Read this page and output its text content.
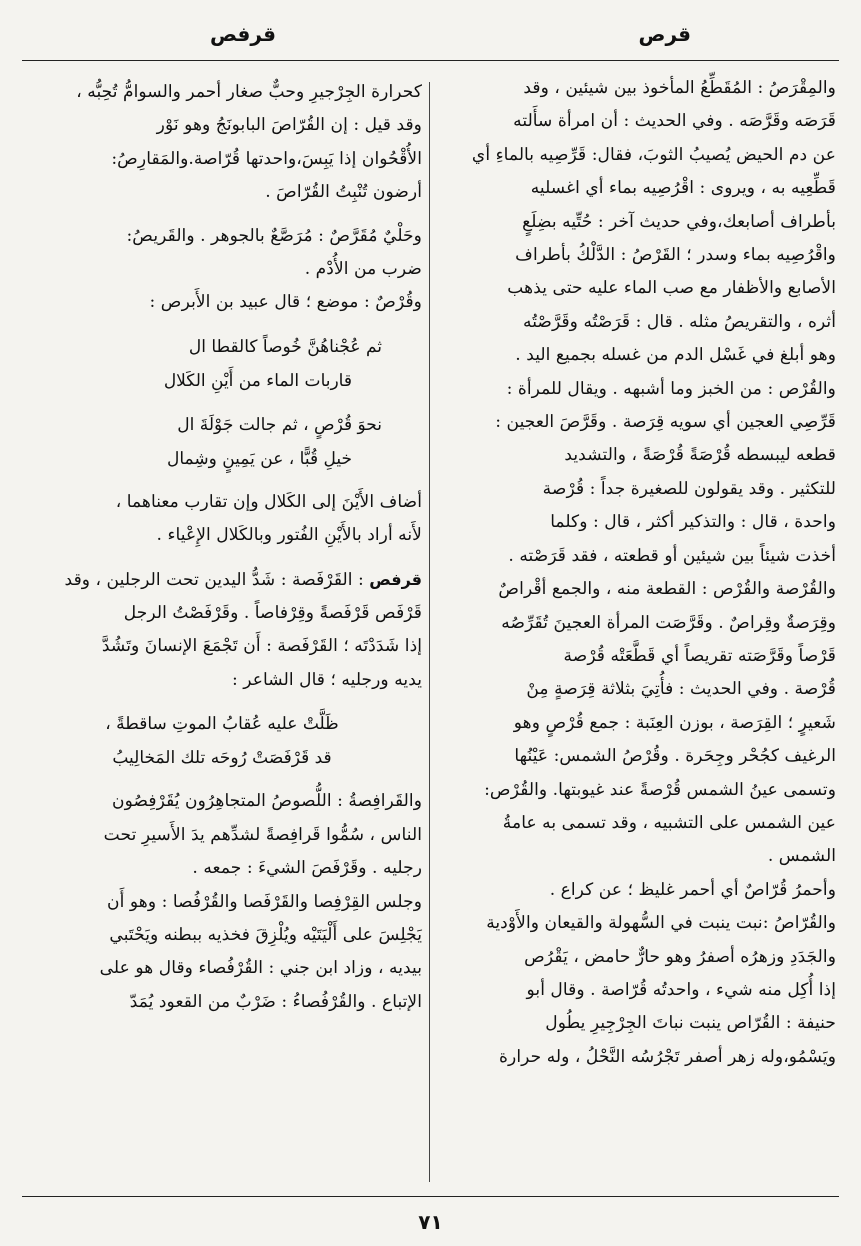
قرص
قرفص

والمِقْرَصُ : المُقَطِّعُ المأخوذ بين شيئين ، وقد

قَرَصَه وقَرَّصَه . وفي الحديث : أن امرأة سأَلته

عن دم الحيض يُصيبُ الثوبَ، فقال: قَرِّصِيه بالماءِ أي

قَطِّعِيه به ، ويروى : اقْرُصِيه بماء أي اغسليه

بأطراف أصابعك،وفي حديث آخر : حُتِّيه بضِلَعٍ

واقْرُصِيه بماء وسدر ؛ القَرْصُ : الدَّلْكُ بأطراف

الأصابع والأظفار مع صب الماء عليه حتى يذهب

أثره ، والتقريصُ مثله . قال : قَرَصْتُه وقَرَّصْتُه

وهو أبلغ في غَسْل الدم من غسله بجميع اليد .

والقُرْص : من الخبز وما أشبهه . ويقال للمرأة :

قَرِّصِي العجين أي سويه قِرَصة . وقَرَّصَ العجين :

قطعه ليبسطه قُرْصَةً قُرْصَةً ، والتشديد

للتكثير . وقد يقولون للصغيرة جداً : قُرْصة

واحدة ، قال : والتذكير أكثر ، قال : وكلما

أخذت شيئاً بين شيئين أو قطعته ، فقد قَرَصْته .

والقُرْصة والقُرْص : القطعة منه ، والجمع أقْراصٌ

وقِرَصةٌ وقِراصٌ . وقَرَّصَت المرأة العجينَ تُقَرِّصُه

قَرْصاً وقَرَّصَته تقريصاً أي قَطَّعَتْه قُرْصة

قُرْصة . وفي الحديث : فأُتِيَ بثلاثة قِرَصةٍ مِنْ

شَعيرٍ ؛ القِرَصة ، بوزن العِنَبة : جمع قُرْصٍ وهو

الرغيف كجُحْر وجِحَرة . وقُرْصُ الشمس: عَيْنُها

وتسمى عينُ الشمس قُرْصةً عند غيوبتها. والقُرْص:

عين الشمس على التشبيه ، وقد تسمى به عامةُ

الشمس .

وأحمرُ قُرّاصٌ أي أحمر غليظ ؛ عن كراع .

والقُرّاصُ :نبت ينبت في السُّهولة والقيعان والأَوْدية

والجَدَدِ وزهرُه أصفرُ وهو حارٌّ حامض ، يَقْرُص

إذا أُكِل منه شيء ، واحدتُه قُرّاصة . وقال أبو

حنيفة : القُرّاص ينبت نباتَ الجِرْجِيرِ يطُول

ويَسْمُو،وله زهر أصفر تَجْرُسُه النَّحْلُ ، وله حرارة

كحرارة الجِرْجيرِ وحبٌّ صغار أحمر والسوامُّ تُحِبُّه ،

وقد قيل : إن القُرّاصَ البابونَجُ وهو نَوْر

الأُقْحُوان إذا يَبِسَ،واحدتها قُرّاصة.والمَقارِصُ:

أرضون تُنْبِتُ القُرّاصَ .

وحَلْيٌ مُقَرَّصٌ : مُرَصَّعٌ بالجوهر . والقَريصُ:

ضرب من الأُدْم .

وقُرْصٌ : موضع ؛ قال عبيد بن الأَبرص :

ثم عُجْناهُنَّ خُوصاً كالقطا ال

قاربات الماء من أَيْنِ الكَلال

نحوَ قُرْصٍ ، ثم جالت جَوْلَةَ ال

خيلِ قُبًّا ، عن يَمِينٍ وشِمال

أضاف الأَيْنَ إلى الكَلال وإن تقارب معناهما ،

لأَنه أراد بالأَيْنِ الفُتور وبالكَلال الإِعْياء .

قرفص : القَرْفَصة : شَدُّ اليدين تحت الرجلين ، وقد

قَرْفَص قَرْفَصةً وقِرْفاصاً . وقَرْفَصْتُ الرجل

إذا شَدَدْتَه ؛ القَرْفَصة : أَن تَجْمَعَ الإنسانَ وتَشُدَّ

يديه ورجليه ؛ قال الشاعر :

ظَلَّتْ عليه عُقابُ الموتِ ساقطةً ،

قد قَرْفَصَتْ رُوحَه تلك المَخالِيبُ

والقَرافِصةُ : اللُّصوصُ المتجاهِرُون يُقَرْفِصُون

الناس ، سُمُّوا قَرافِصةً لشدِّهم يدَ الأَسيرِ تحت

رجليه . وقَرْفَصَ الشيءَ : جمعه .

وجلس القِرْفِصا والقَرْفَصا والقُرْفُصا : وهو أَن

يَجْلِسَ على أَلْيَتَيْه ويُلْزِقَ فخذيه ببطنه ويَحْتَبي

بيديه ، وزاد ابن جني : القُرْفُصاء وقال هو على

الإتباع . والقُرْفُصاءُ : ضَرْبٌ من القعود يُمَدّ

٧١
